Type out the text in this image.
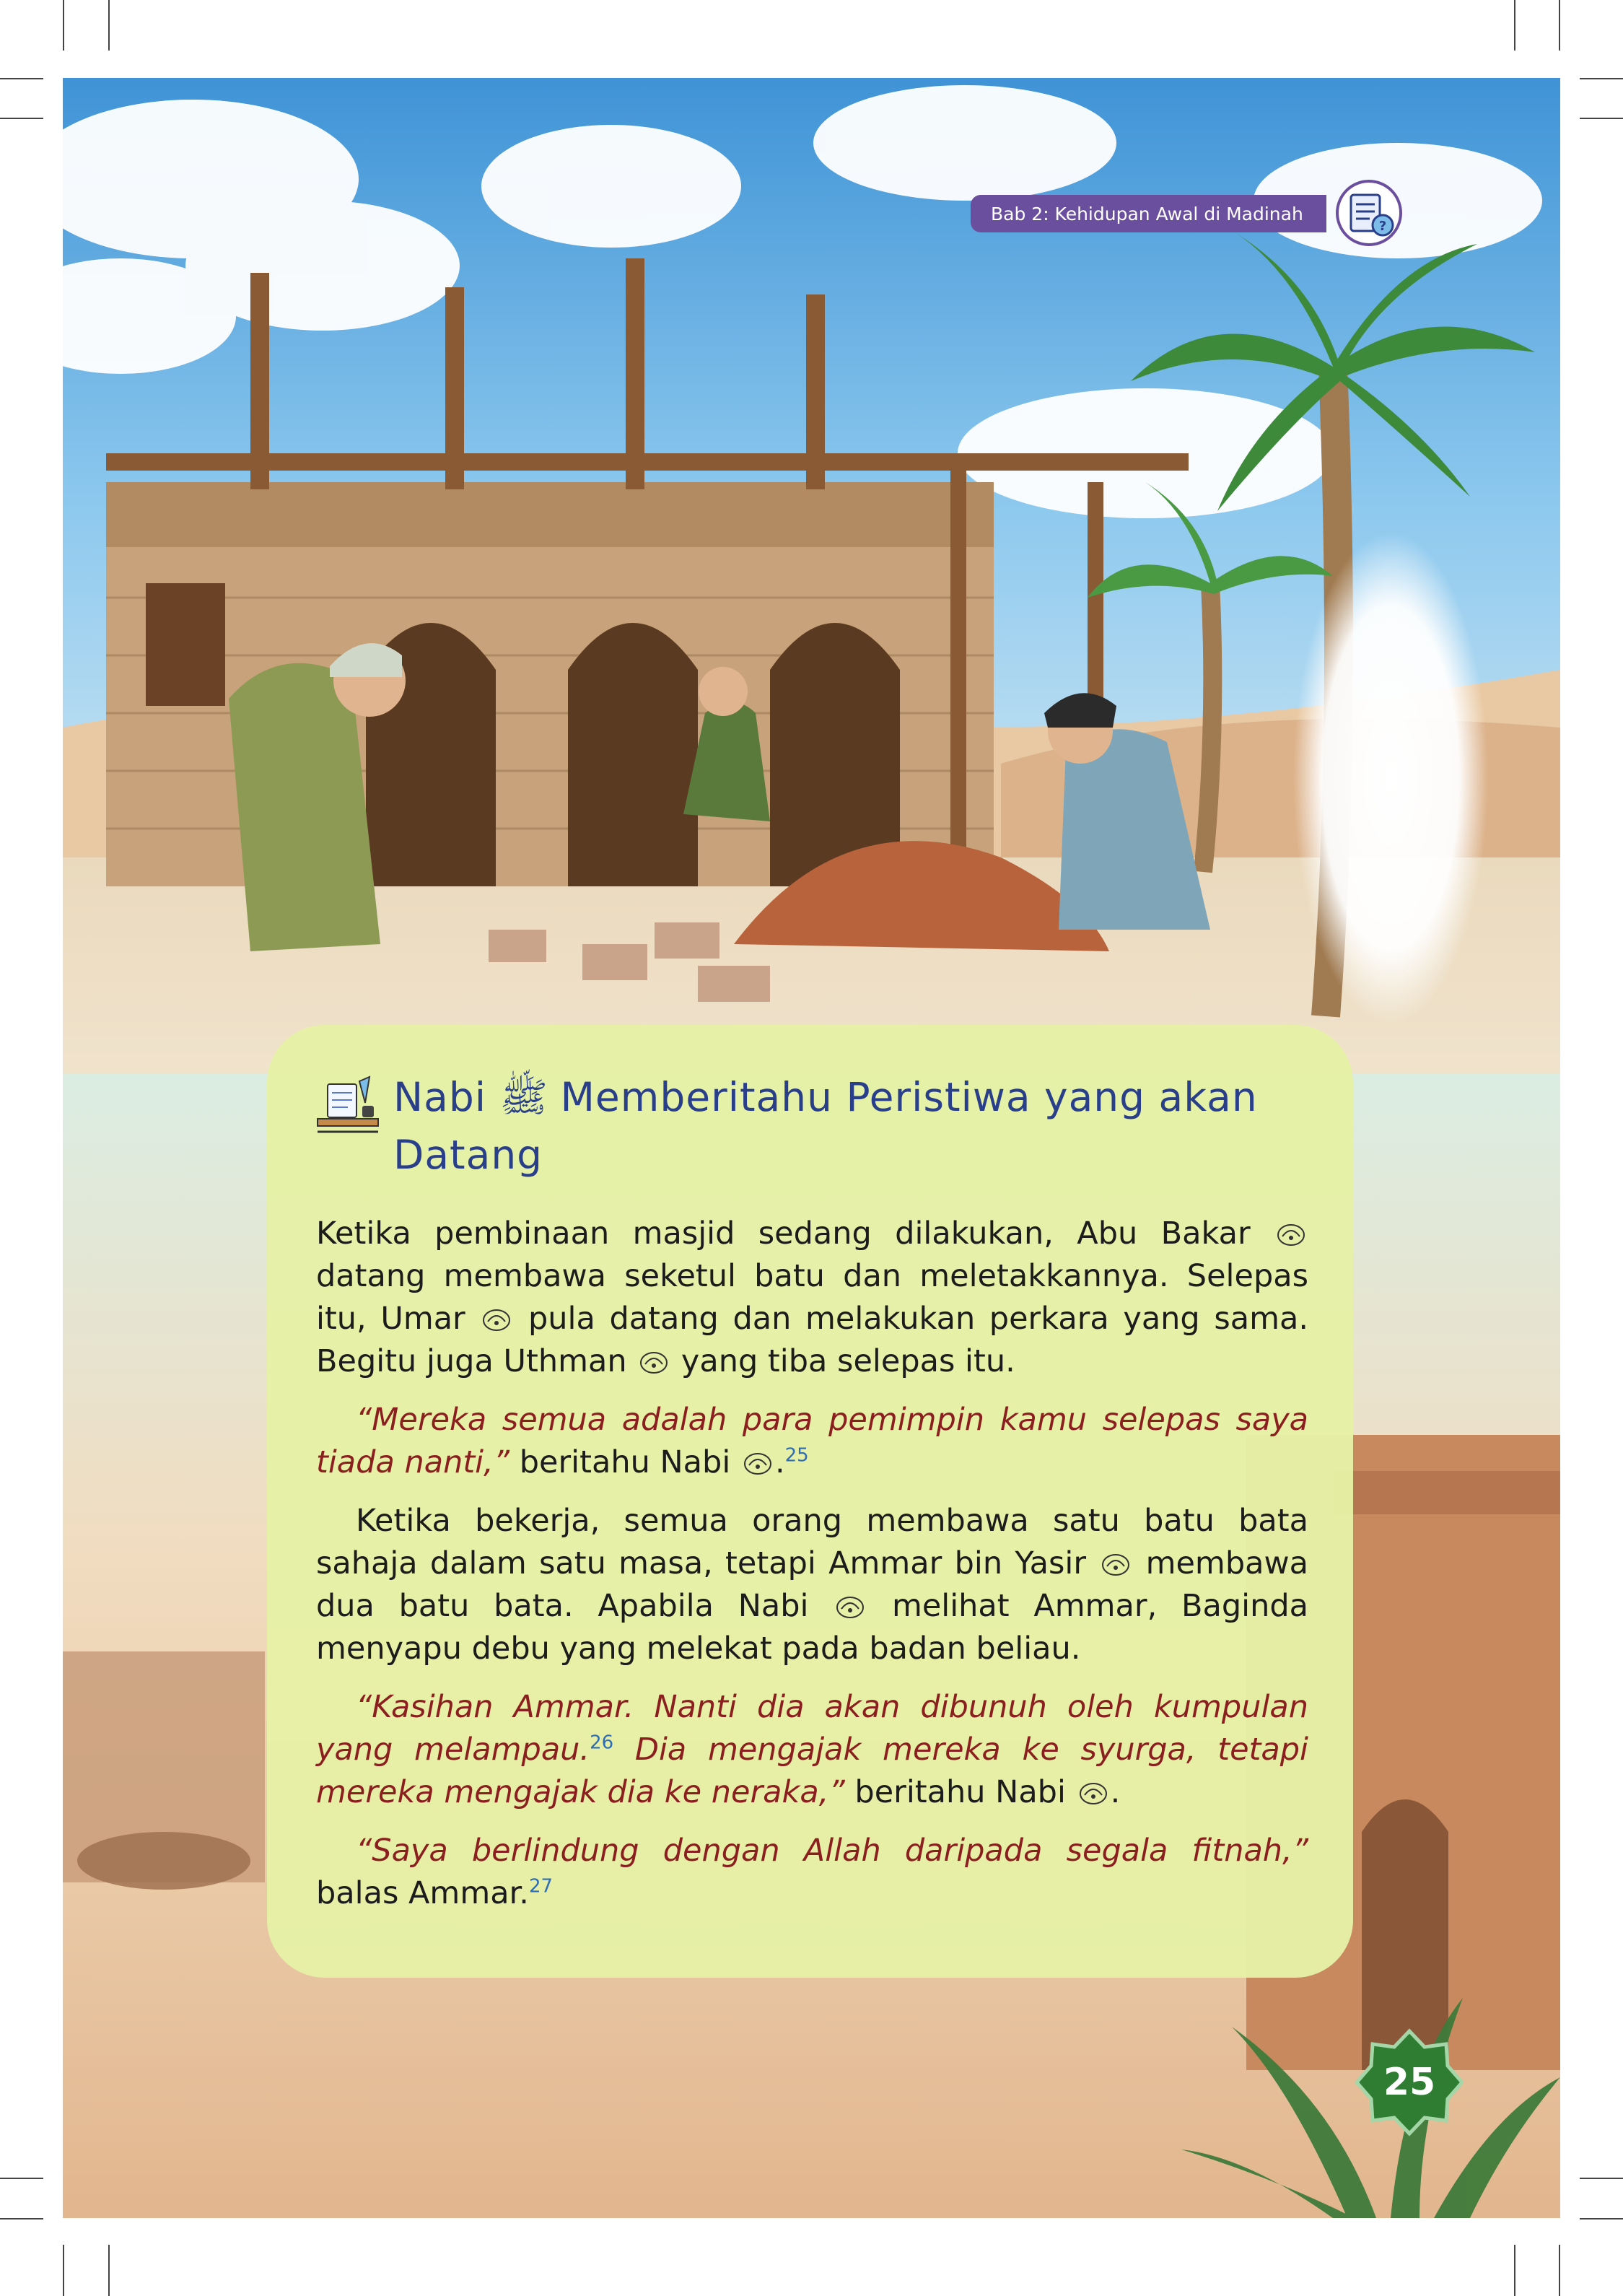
Bab 2: Kehidupan Awal di Madinah
?
Nabi ﷺ Memberitahu Peristiwa yang akan Datang

Ketika pembinaan masjid sedang dilakukan, Abu Bakar  datang membawa seketul batu dan meletakkannya. Selepas itu, Umar pula datang dan melakukan perkara yang sama. Begitu juga Uthman yang tiba selepas itu.

“Mereka semua adalah para pemimpin kamu selepas saya tiada nanti,” beritahu Nabi .$^{25}$

Ketika bekerja, semua orang membawa satu batu bata sahaja dalam satu masa, tetapi Ammar bin Yasir membawa dua batu bata. Apabila Nabi	melihat Ammar, Baginda menyapu debu yang melekat pada badan beliau.

“Kasihan Ammar. Nanti dia akan dibunuh oleh kumpulan yang melampau.$^{26}$ Dia mengajak mereka ke syurga, tetapi mereka mengajak dia ke neraka,” beritahu Nabi .

“Saya berlindung dengan Allah daripada segala fitnah,” balas Ammar.$^{27}$

25
